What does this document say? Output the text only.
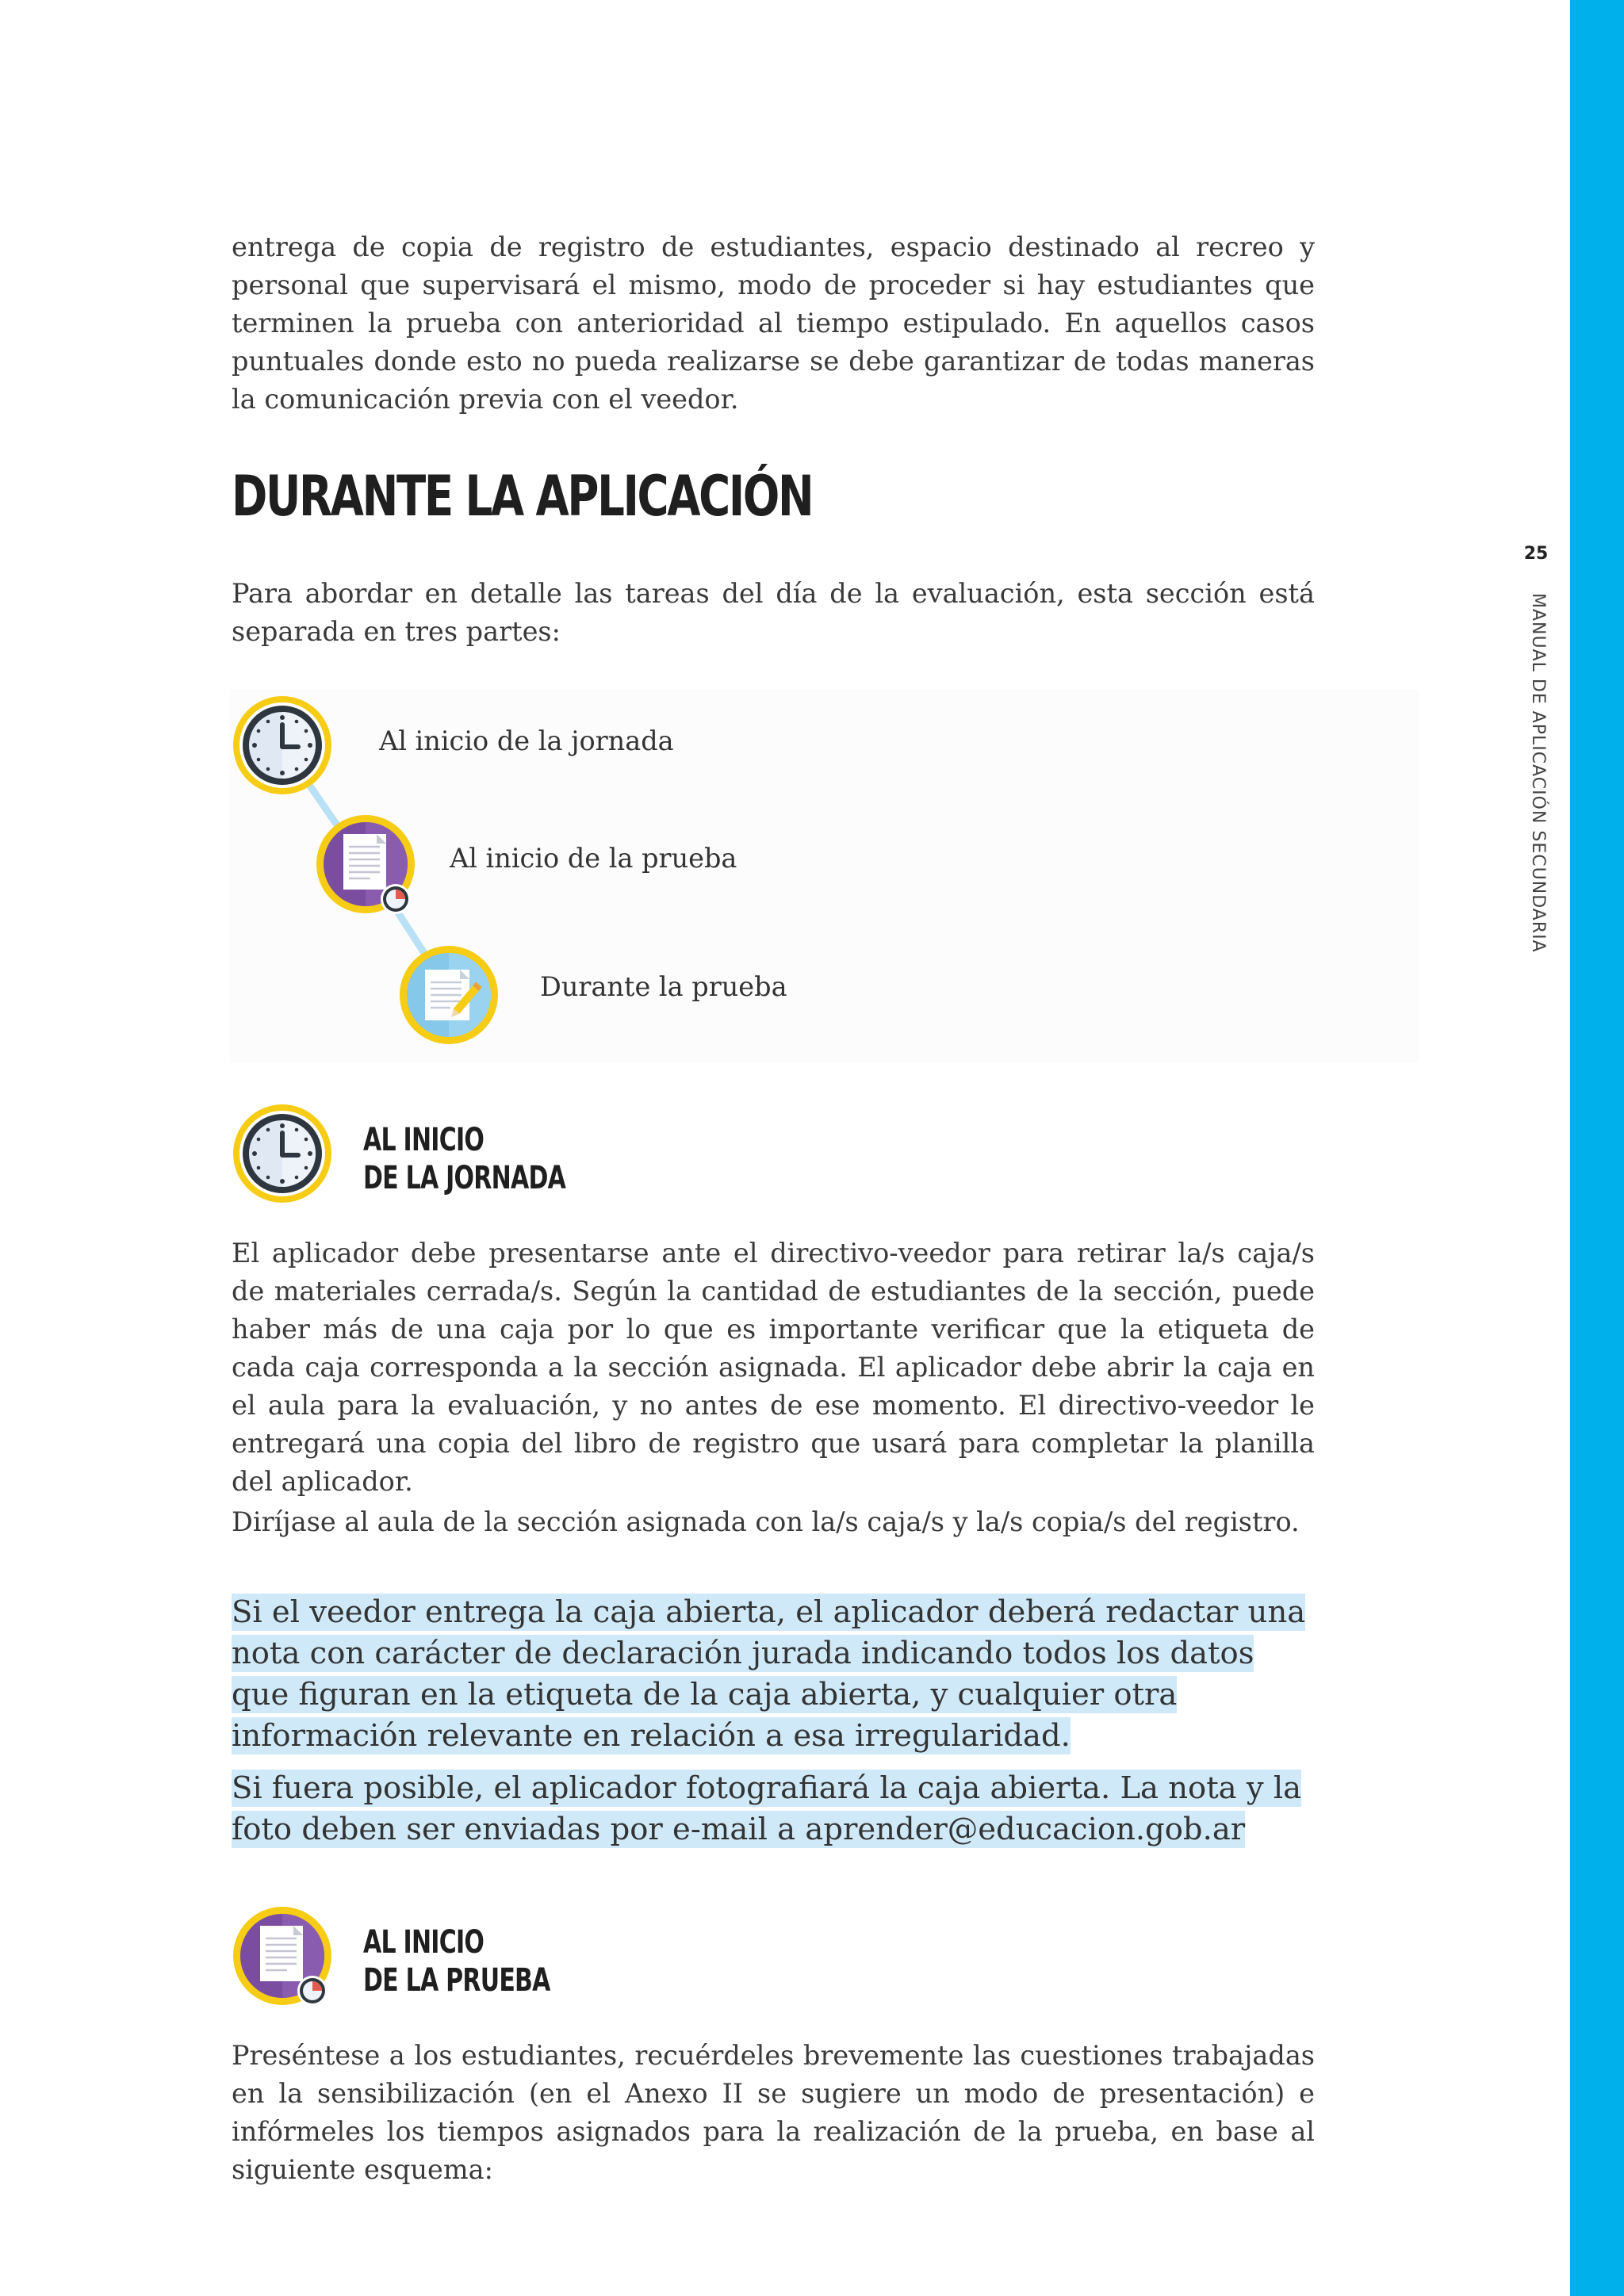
25
MANUAL DE APLICACIÓN SECUNDARIA

entrega de copia de registro de estudiantes, espacio destinado al recreo y personal que supervisará el mismo, modo de proceder si hay estudiantes que terminen la prueba con anterioridad al tiempo estipulado. En aquellos casos puntuales donde esto no pueda realizarse se debe garantizar de todas maneras la comunicación previa con el veedor.

DURANTE LA APLICACIÓN

Para abordar en detalle las tareas del día de la evaluación, esta sección está separada en tres partes:

Al inicio de la jornada
Al inicio de la prueba
Durante la prueba
AL INICIO
DE LA JORNADA

El aplicador debe presentarse ante el directivo-veedor para retirar la/s caja/s de materiales cerrada/s. Según la cantidad de estudiantes de la sección, puede haber más de una caja por lo que es importante verificar que la etiqueta de cada caja corresponda a la sección asignada. El aplicador debe abrir la caja en el aula para la evaluación, y no antes de ese momento. El directivo-veedor le entregará una copia del libro de registro que usará para completar la planilla del aplicador.

Diríjase al aula de la sección asignada con la/s caja/s y la/s copia/s del registro.

Si el veedor entrega la caja abierta, el aplicador deberá redactar una nota con carácter de declaración jurada indicando todos los datos que figuran en la etiqueta de la caja abierta, y cualquier otra información relevante en relación a esa irregularidad.
Si fuera posible, el aplicador fotografiará la caja abierta. La nota y la foto deben ser enviadas por e-mail a aprender@educacion.gob.ar
AL INICIO
DE LA PRUEBA

Preséntese a los estudiantes, recuérdeles brevemente las cuestiones trabajadas en la sensibilización (en el Anexo II se sugiere un modo de presentación) e infórmeles los tiempos asignados para la realización de la prueba, en base al siguiente esquema:
